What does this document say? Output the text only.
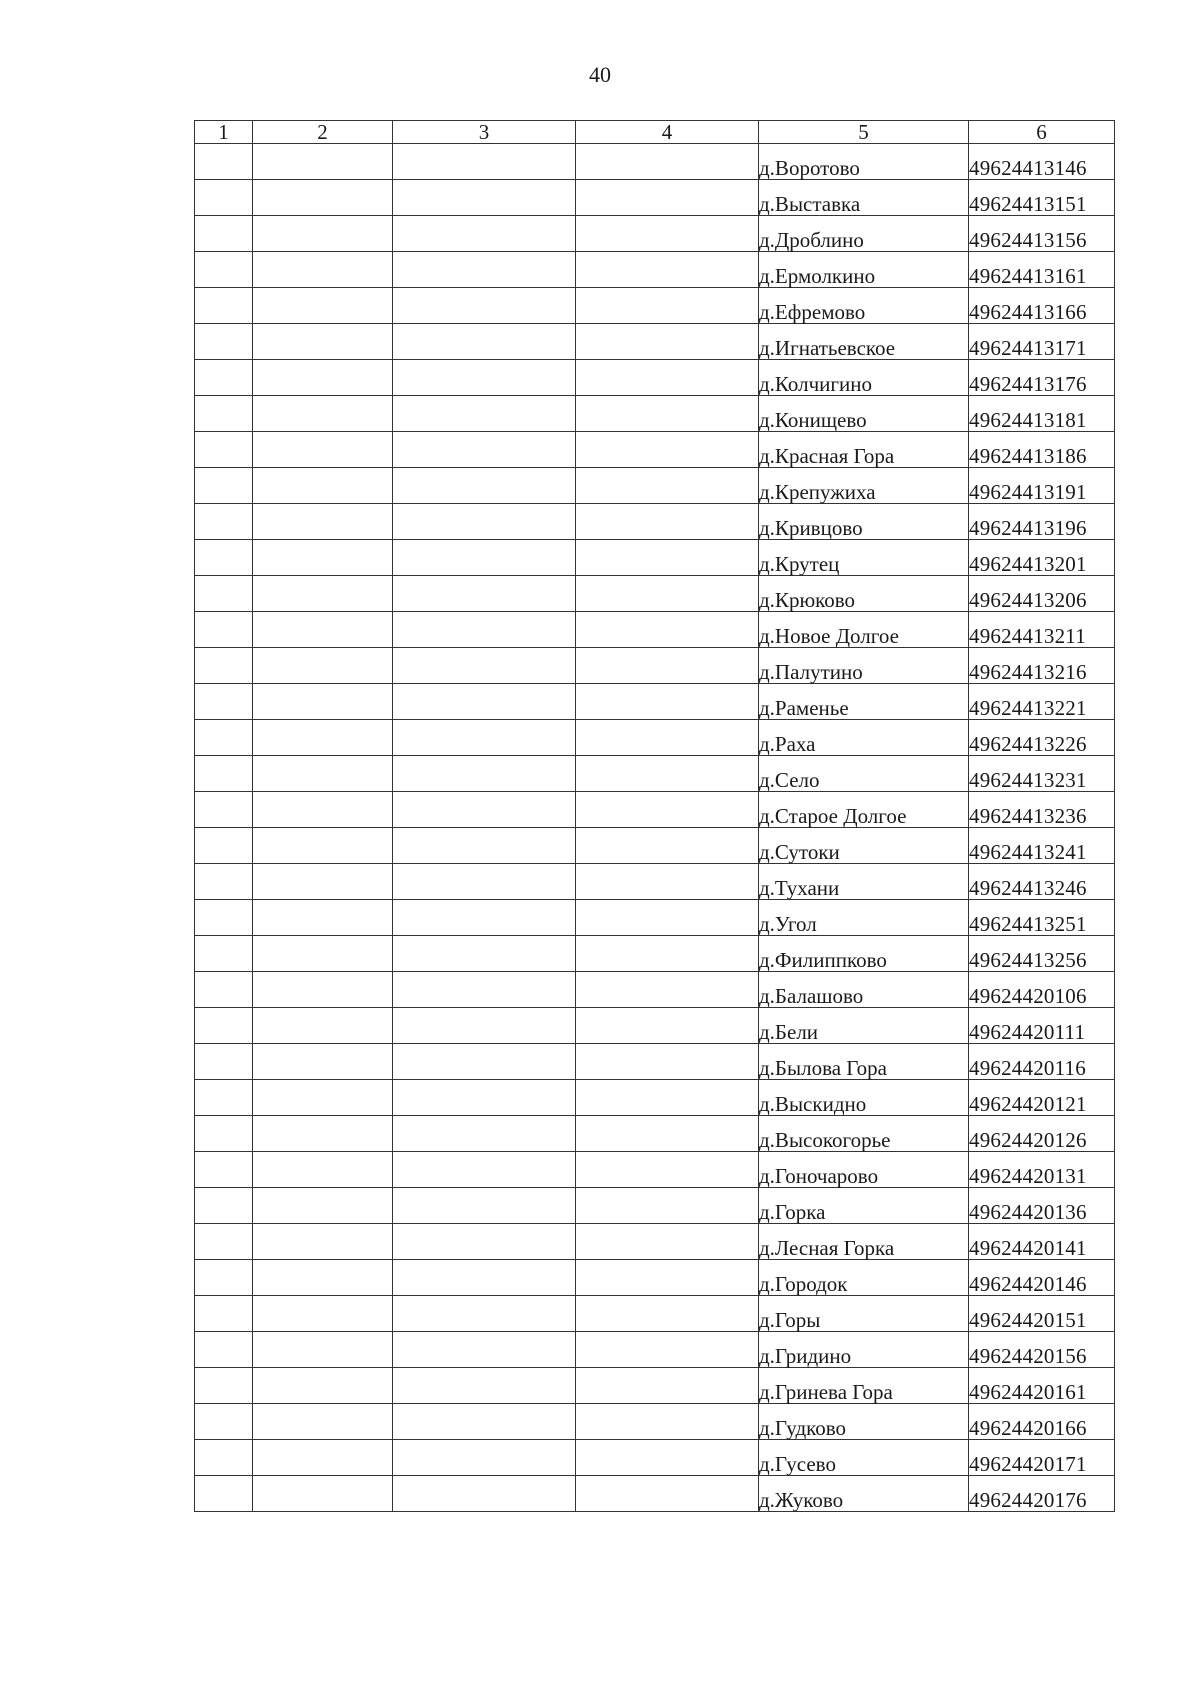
40
1	2	3	4	5	6
				д.Воротово	49624413146
				д.Выставка	49624413151
				д.Дроблино	49624413156
				д.Ермолкино	49624413161
				д.Ефремово	49624413166
				д.Игнатьевское	49624413171
				д.Колчигино	49624413176
				д.Конищево	49624413181
				д.Красная Гора	49624413186
				д.Крепужиха	49624413191
				д.Кривцово	49624413196
				д.Крутец	49624413201
				д.Крюково	49624413206
				д.Новое Долгое	49624413211
				д.Палутино	49624413216
				д.Раменье	49624413221
				д.Раха	49624413226
				д.Село	49624413231
				д.Старое Долгое	49624413236
				д.Сутоки	49624413241
				д.Тухани	49624413246
				д.Угол	49624413251
				д.Филиппково	49624413256
				д.Балашово	49624420106
				д.Бели	49624420111
				д.Былова Гора	49624420116
				д.Выскидно	49624420121
				д.Высокогорье	49624420126
				д.Гоночарово	49624420131
				д.Горка	49624420136
				д.Лесная Горка	49624420141
				д.Городок	49624420146
				д.Горы	49624420151
				д.Гридино	49624420156
				д.Гринева Гора	49624420161
				д.Гудково	49624420166
				д.Гусево	49624420171
				д.Жуково	49624420176
